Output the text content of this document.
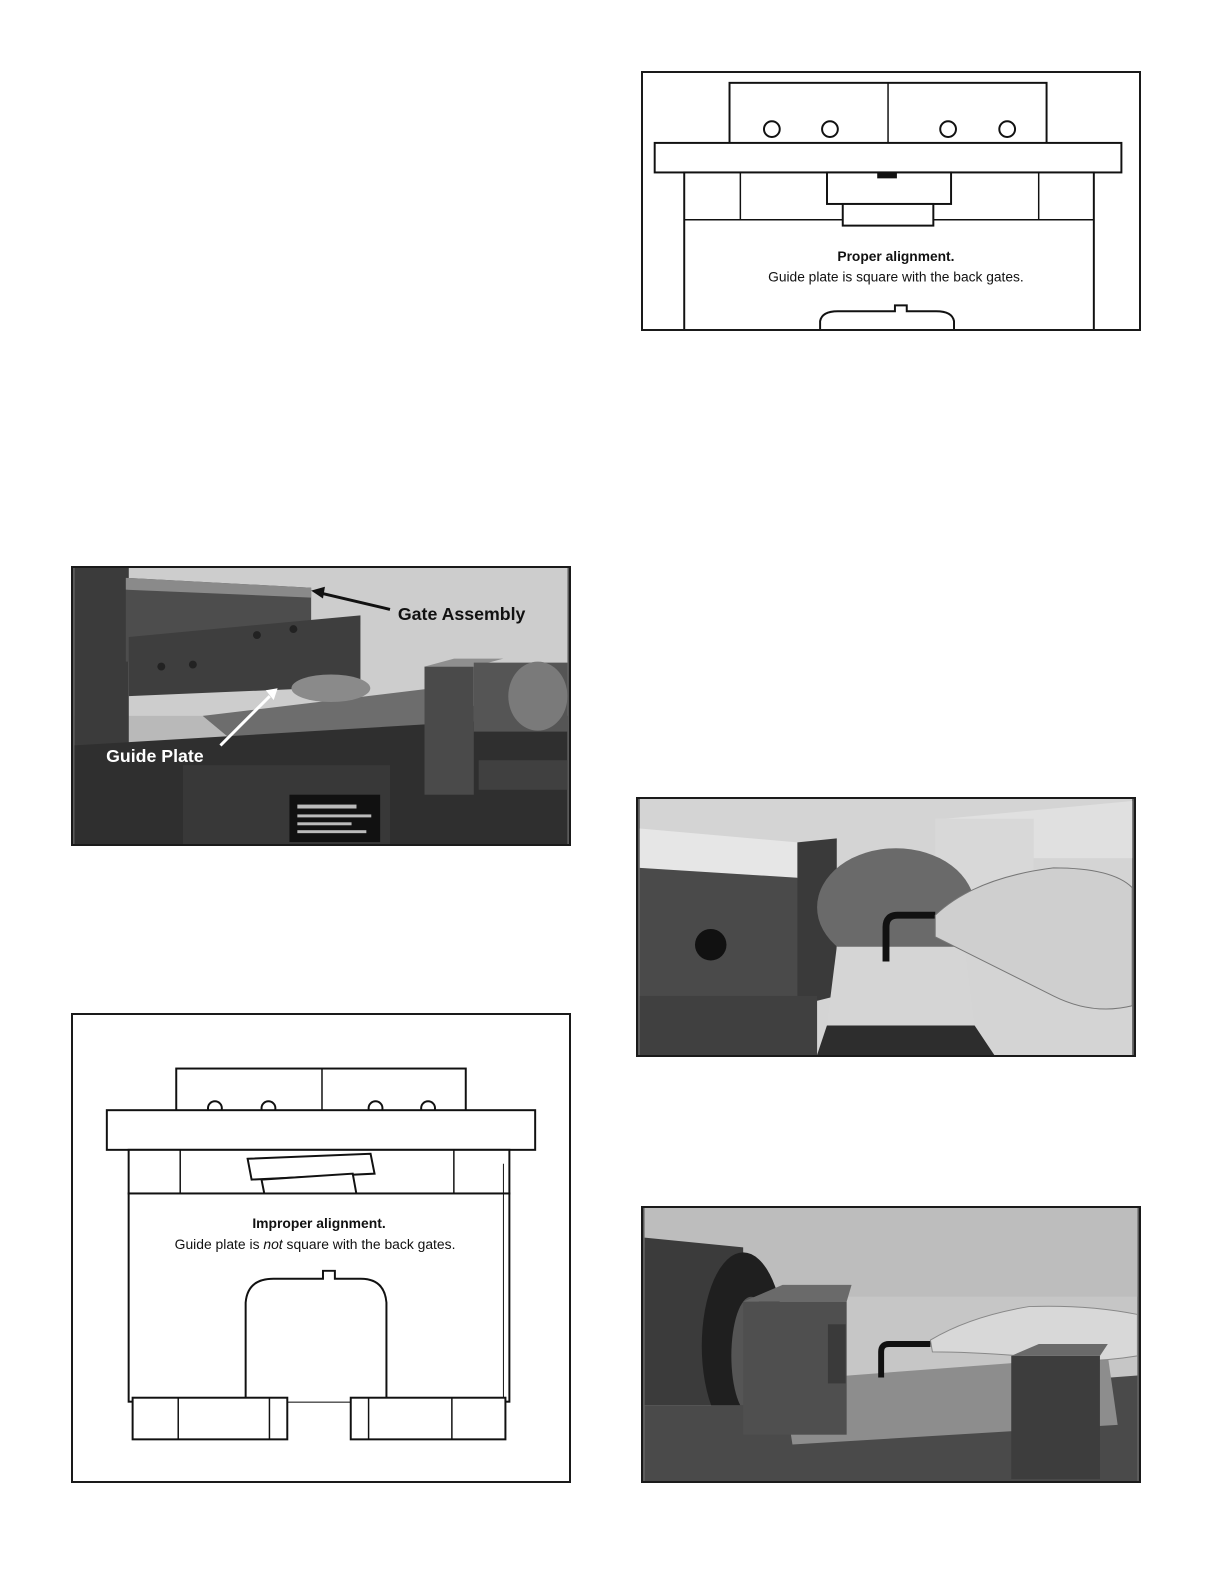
Proper alignment.
Guide plate is square with the back gates.
Gate Assembly
Guide Plate
Improper alignment.
Guide plate is not square with the back gates.
